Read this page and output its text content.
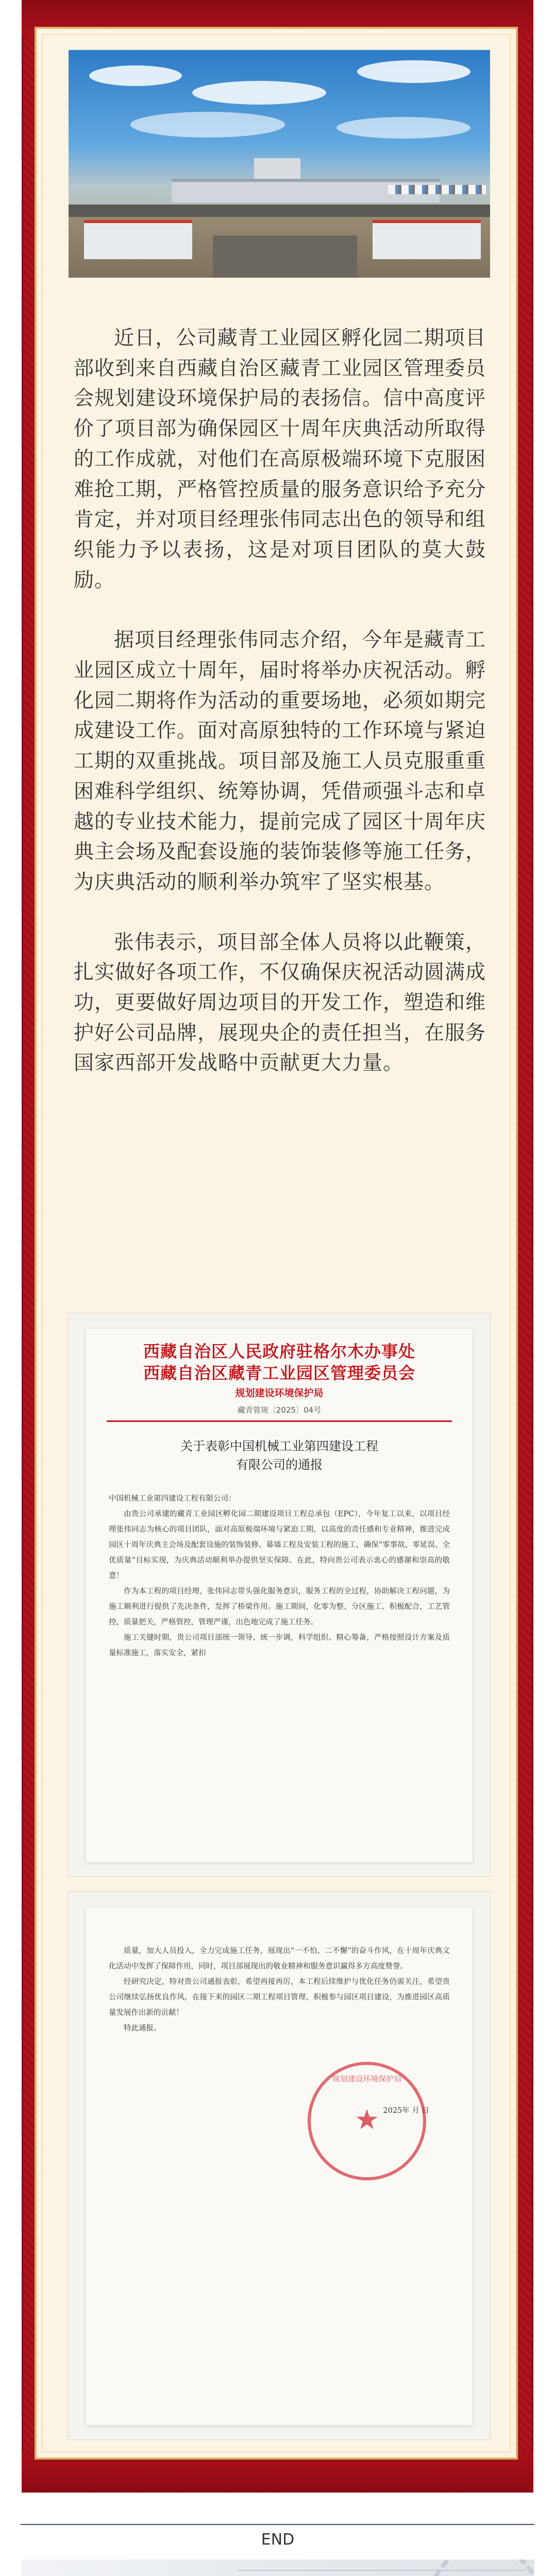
近日，公司藏青工业园区孵化园二期项目部收到来自西藏自治区藏青工业园区管理委员会规划建设环境保护局的表扬信。信中高度评价了项目部为确保园区十周年庆典活动所取得的工作成就，对他们在高原极端环境下克服困难抢工期，严格管控质量的服务意识给予充分肯定，并对项目经理张伟同志出色的领导和组织能力予以表扬，这是对项目团队的莫大鼓励。

据项目经理张伟同志介绍，今年是藏青工业园区成立十周年，届时将举办庆祝活动。孵化园二期将作为活动的重要场地，必须如期完成建设工作。面对高原独特的工作环境与紧迫工期的双重挑战。项目部及施工人员克服重重困难科学组织、统筹协调，凭借顽强斗志和卓越的专业技术能力，提前完成了园区十周年庆典主会场及配套设施的装饰装修等施工任务，为庆典活动的顺利举办筑牢了坚实根基。

张伟表示，项目部全体人员将以此鞭策，扎实做好各项工作，不仅确保庆祝活动圆满成功，更要做好周边项目的开发工作，塑造和维护好公司品牌，展现央企的责任担当，在服务国家西部开发战略中贡献更大力量。

西藏自治区人民政府驻格尔木办事处
西藏自治区藏青工业园区管理委员会
规划建设环境保护局
藏青管规〔2025〕04号
关于表彰中国机械工业第四建设工程
有限公司的通报

中国机械工业第四建设工程有限公司：

由贵公司承建的藏青工业园区孵化园二期建设项目工程总承包（EPC），今年复工以来，以项目经理张伟同志为核心的项目团队，面对高原极端环境与紧迫工期，以高度的责任感和专业精神，推进完成园区十周年庆典主会场及配套设施的装饰装修、幕墙工程及安装工程的施工，确保“零事故、零延误、全优质量”目标实现，为庆典活动顺利举办提供坚实保障。在此，特向贵公司表示衷心的感谢和崇高的敬意！

作为本工程的项目经理，张伟同志带头强化服务意识，服务工程的全过程，协助解决工程问题，为施工顺利进行提供了先决条件，发挥了桥梁作用。施工期间，化零为整、分区施工、积极配合，工艺管控，质量把关，严格管控，管理严谨，出色地完成了施工任务。

施工关键时期，贵公司项目部统一领导、统一步调，科学组织、精心筹备，严格按照设计方案及质量标准施工，落实安全，紧扣

质量，加大人员投入，全力完成施工任务，展现出“一不怕、二不懈”的奋斗作风，在十周年庆典文化活动中发挥了保障作用，同时，项目部展现出的敬业精神和服务意识赢得多方高度赞誉。

经研究决定，特对贵公司通报表彰，希望再接再厉，本工程后续维护与优化任务仍需关注，希望贵公司继续弘扬优良作风，在接下来的园区二期工程项目管理、积极参与园区项目建设，为推进园区高质量发展作出新的贡献！

特此通报。

2025年 月 日

规划建设环境保护局
★
END
